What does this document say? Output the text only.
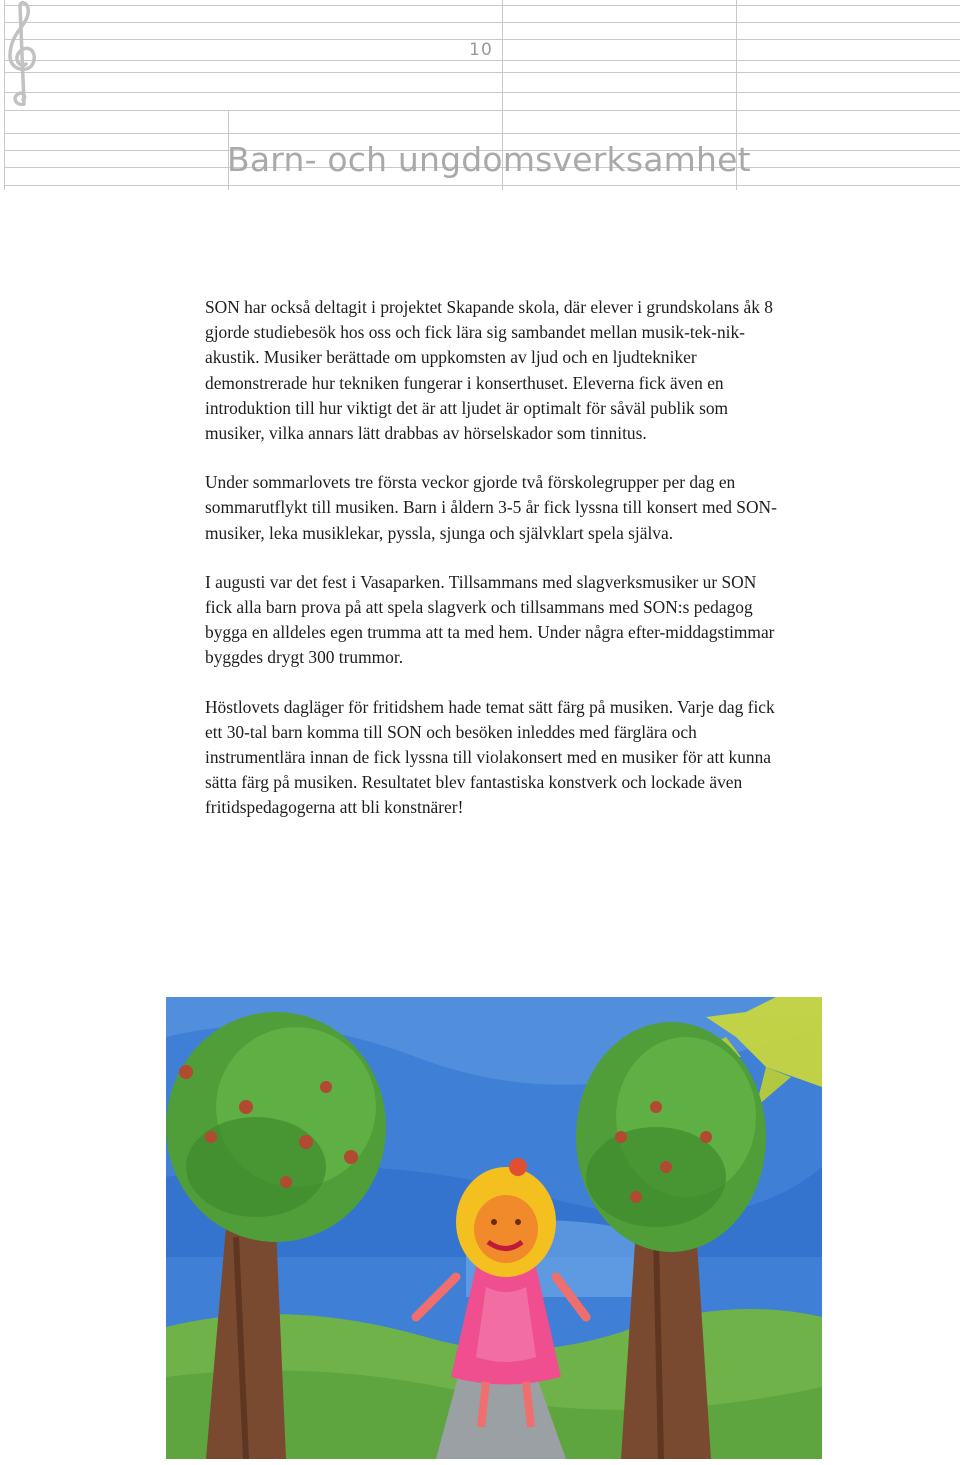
10
Barn- och ungdomsverksamhet

SON har också deltagit i projektet Skapande skola, där elever i grundskolans åk 8 gjorde studiebesök hos oss och fick lära sig sambandet mellan musik-tek-nik-akustik. Musiker berättade om uppkomsten av ljud och en ljudtekniker demonstrerade hur tekniken fungerar i konserthuset. Eleverna fick även en introduktion till hur viktigt det är att ljudet är optimalt för såväl publik som musiker, vilka annars lätt drabbas av hörselskador som tinnitus.

Under sommarlovets tre första veckor gjorde två förskolegrupper per dag en sommarutflykt till musiken. Barn i åldern 3-5 år fick lyssna till konsert med SON-musiker, leka musiklekar, pyssla, sjunga och självklart spela själva.

I augusti var det fest i Vasaparken. Tillsammans med slagverksmusiker ur SON fick alla barn prova på att spela slagverk och tillsammans med SON:s pedagog bygga en alldeles egen trumma att ta med hem. Under några efter-middagstimmar byggdes drygt 300 trummor.

Höstlovets dagläger för fritidshem hade temat sätt färg på musiken. Varje dag fick ett 30-tal barn komma till SON och besöken inleddes med färglära och instrumentlära innan de fick lyssna till violakonsert med en musiker för att kunna sätta färg på musiken. Resultatet blev fantastiska konstverk och lockade även fritidspedagogerna att bli konstnärer!
